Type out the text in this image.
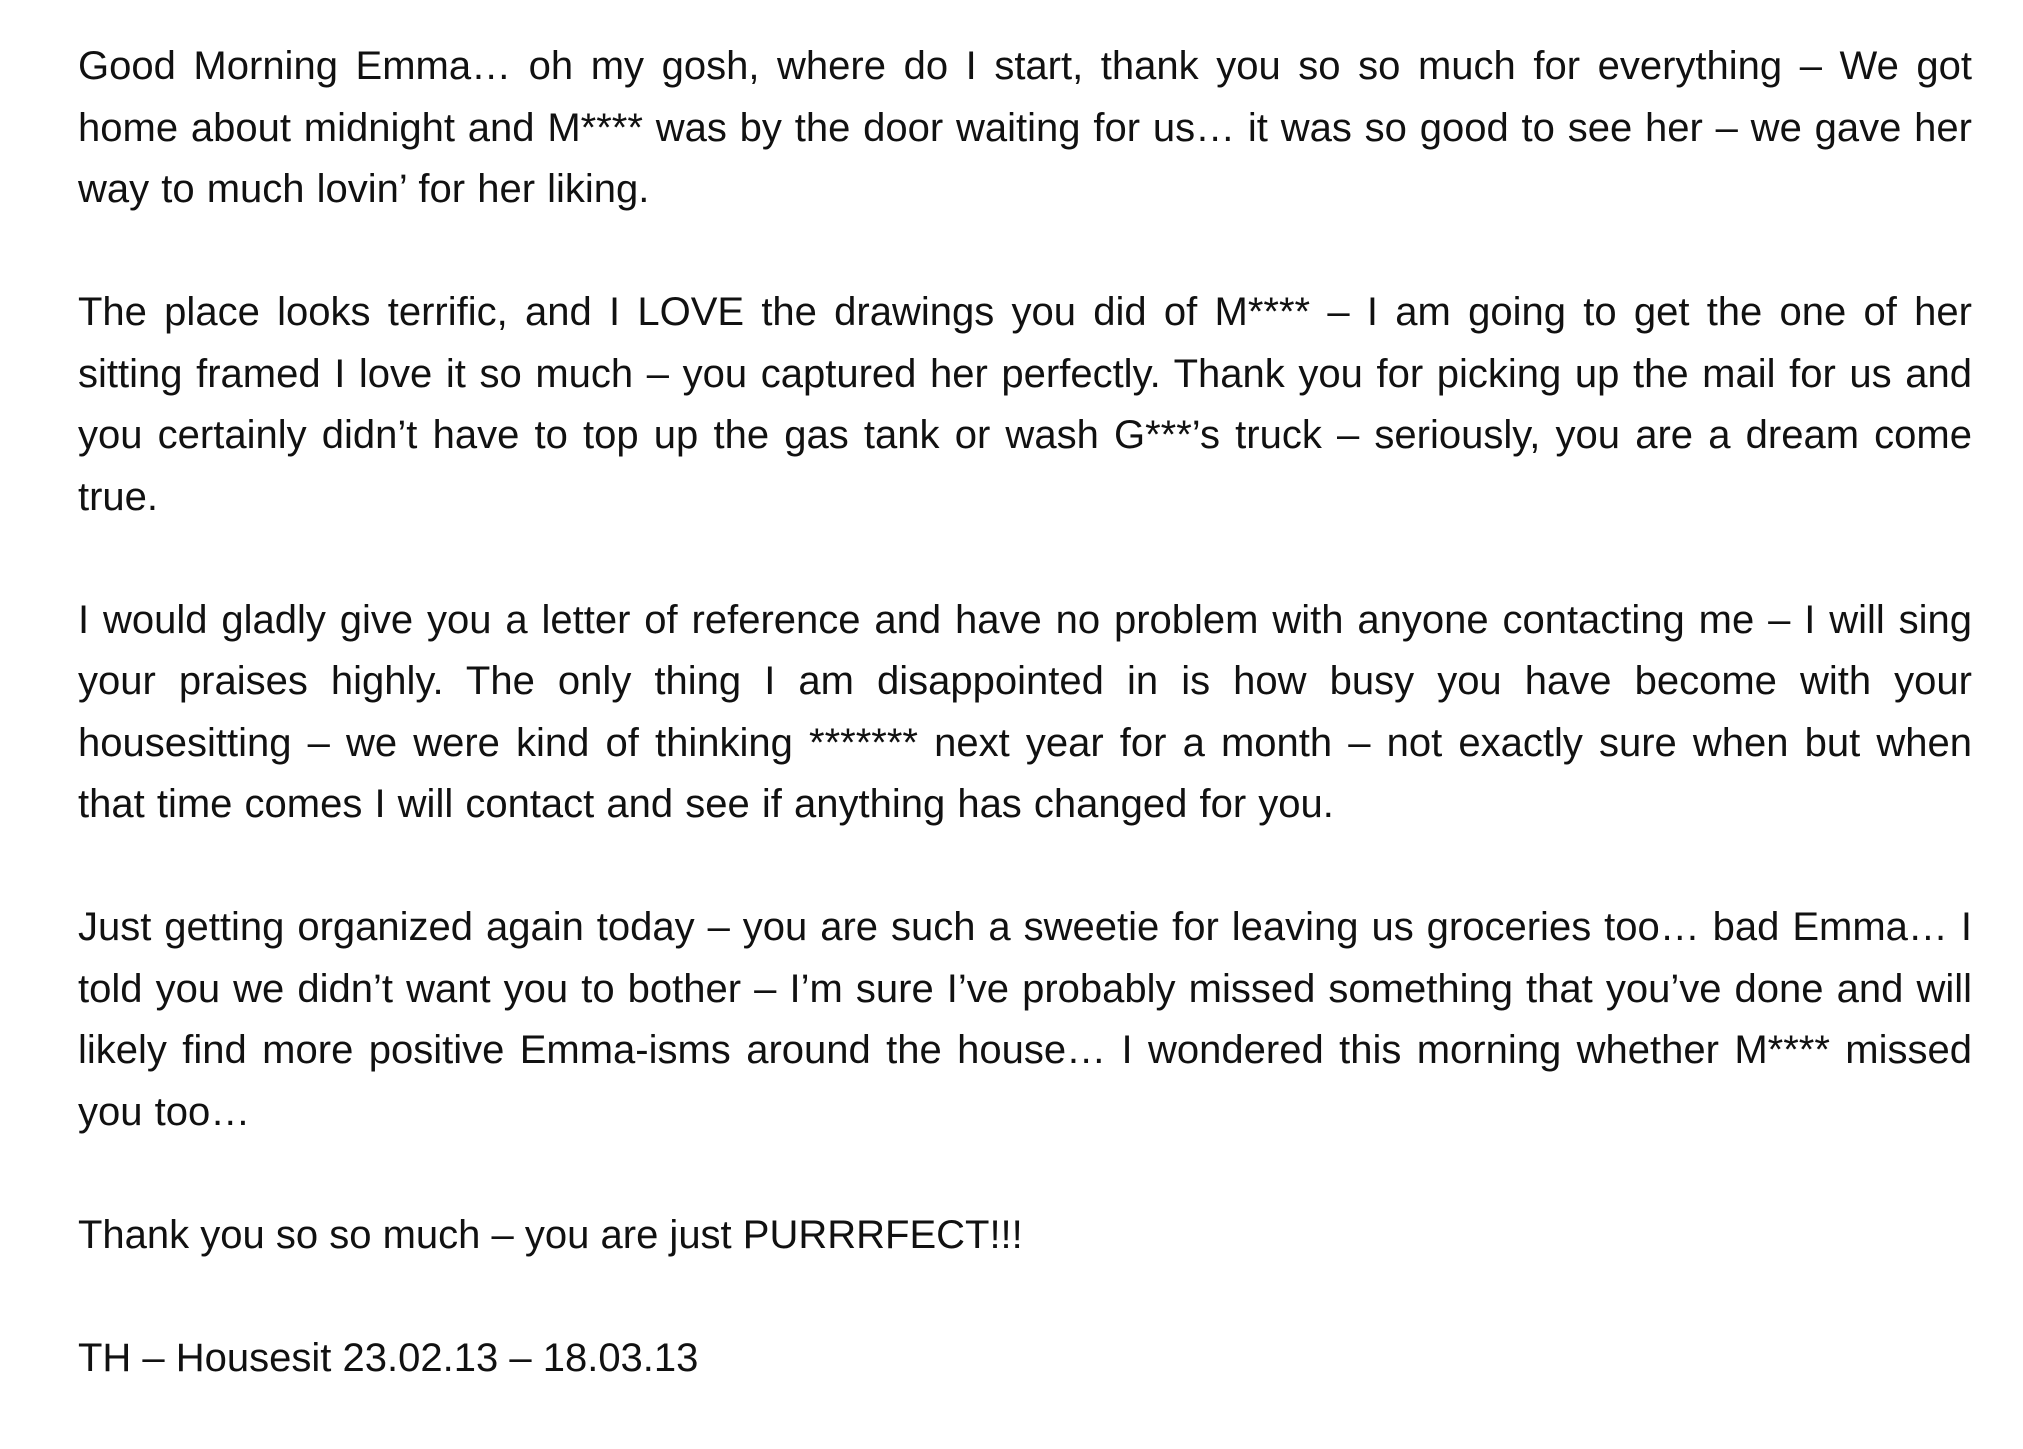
Good Morning Emma… oh my gosh, where do I start, thank you so so much for everything – We got home about midnight and M**** was by the door waiting for us… it was so good to see her – we gave her way to much lovin’ for her liking.

The place looks terrific, and I LOVE the drawings you did of M**** – I am going to get the one of her sitting framed I love it so much – you captured her perfectly. Thank you for picking up the mail for us and you certainly didn’t have to top up the gas tank or wash G***’s truck – seriously, you are a dream come true.

I would gladly give you a letter of reference and have no problem with anyone contacting me – I will sing your praises highly. The only thing I am disappointed in is how busy you have become with your housesitting – we were kind of thinking ******* next year for a month – not exactly sure when but when that time comes I will contact and see if anything has changed for you.

Just getting organized again today – you are such a sweetie for leaving us groceries too… bad Emma… I told you we didn’t want you to bother – I’m sure I’ve probably missed something that you’ve done and will likely find more positive Emma-isms around the house… I wondered this morning whether M**** missed you too…

Thank you so so much – you are just PURRRFECT!!!

TH – Housesit 23.02.13 – 18.03.13
